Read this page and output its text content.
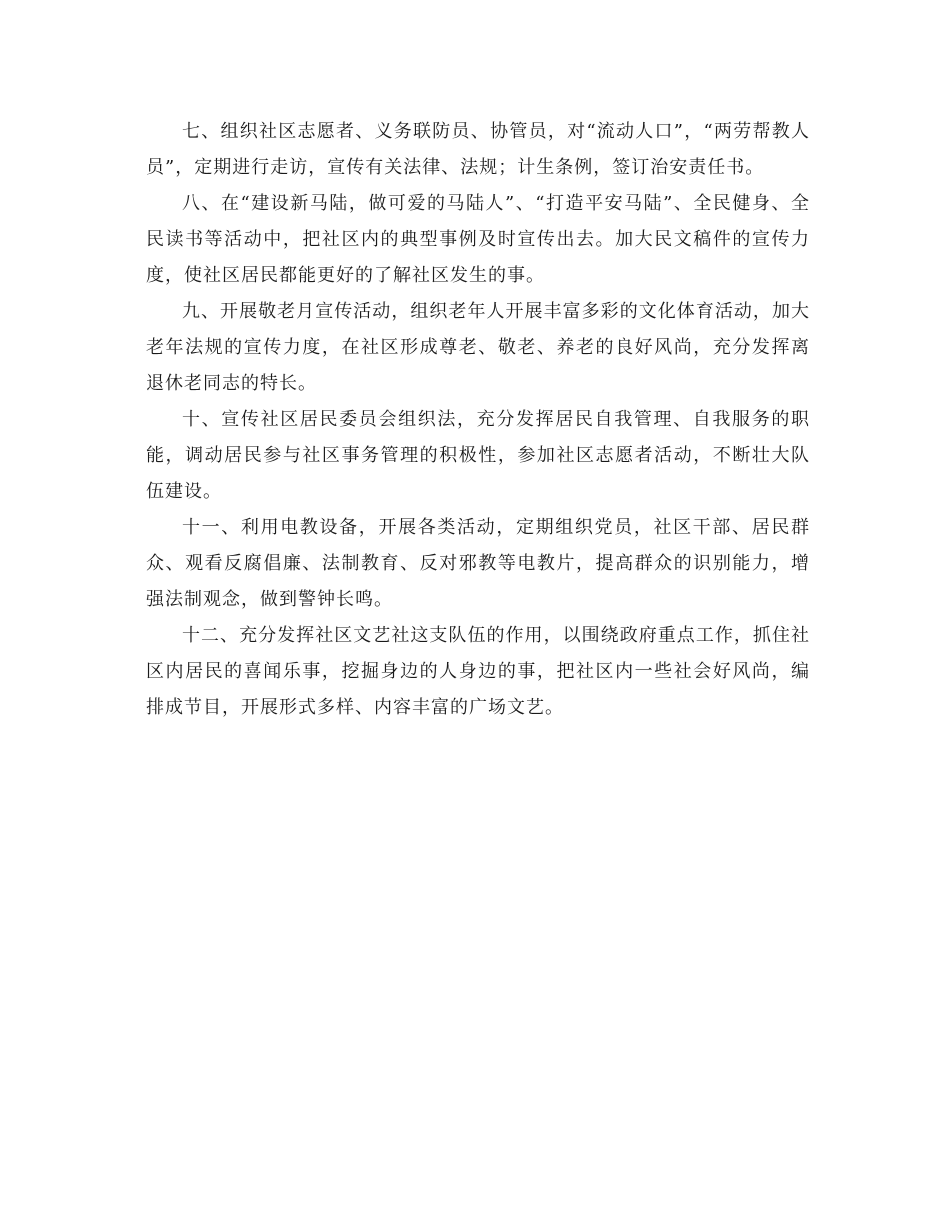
七、组织社区志愿者、义务联防员、协管员，对“流动人口”，“两劳帮教人员”，定期进行走访，宣传有关法律、法规；计生条例，签订治安责任书。

八、在“建设新马陆，做可爱的马陆人”、“打造平安马陆”、全民健身、全民读书等活动中，把社区内的典型事例及时宣传出去。加大民文稿件的宣传力度，使社区居民都能更好的了解社区发生的事。

九、开展敬老月宣传活动，组织老年人开展丰富多彩的文化体育活动，加大老年法规的宣传力度，在社区形成尊老、敬老、养老的良好风尚，充分发挥离退休老同志的特长。

十、宣传社区居民委员会组织法，充分发挥居民自我管理、自我服务的职能，调动居民参与社区事务管理的积极性，参加社区志愿者活动，不断壮大队伍建设。

十一、利用电教设备，开展各类活动，定期组织党员，社区干部、居民群众、观看反腐倡廉、法制教育、反对邪教等电教片，提高群众的识别能力，增强法制观念，做到警钟长鸣。

十二、充分发挥社区文艺社这支队伍的作用，以围绕政府重点工作，抓住社区内居民的喜闻乐事，挖掘身边的人身边的事，把社区内一些社会好风尚，编排成节目，开展形式多样、内容丰富的广场文艺。
